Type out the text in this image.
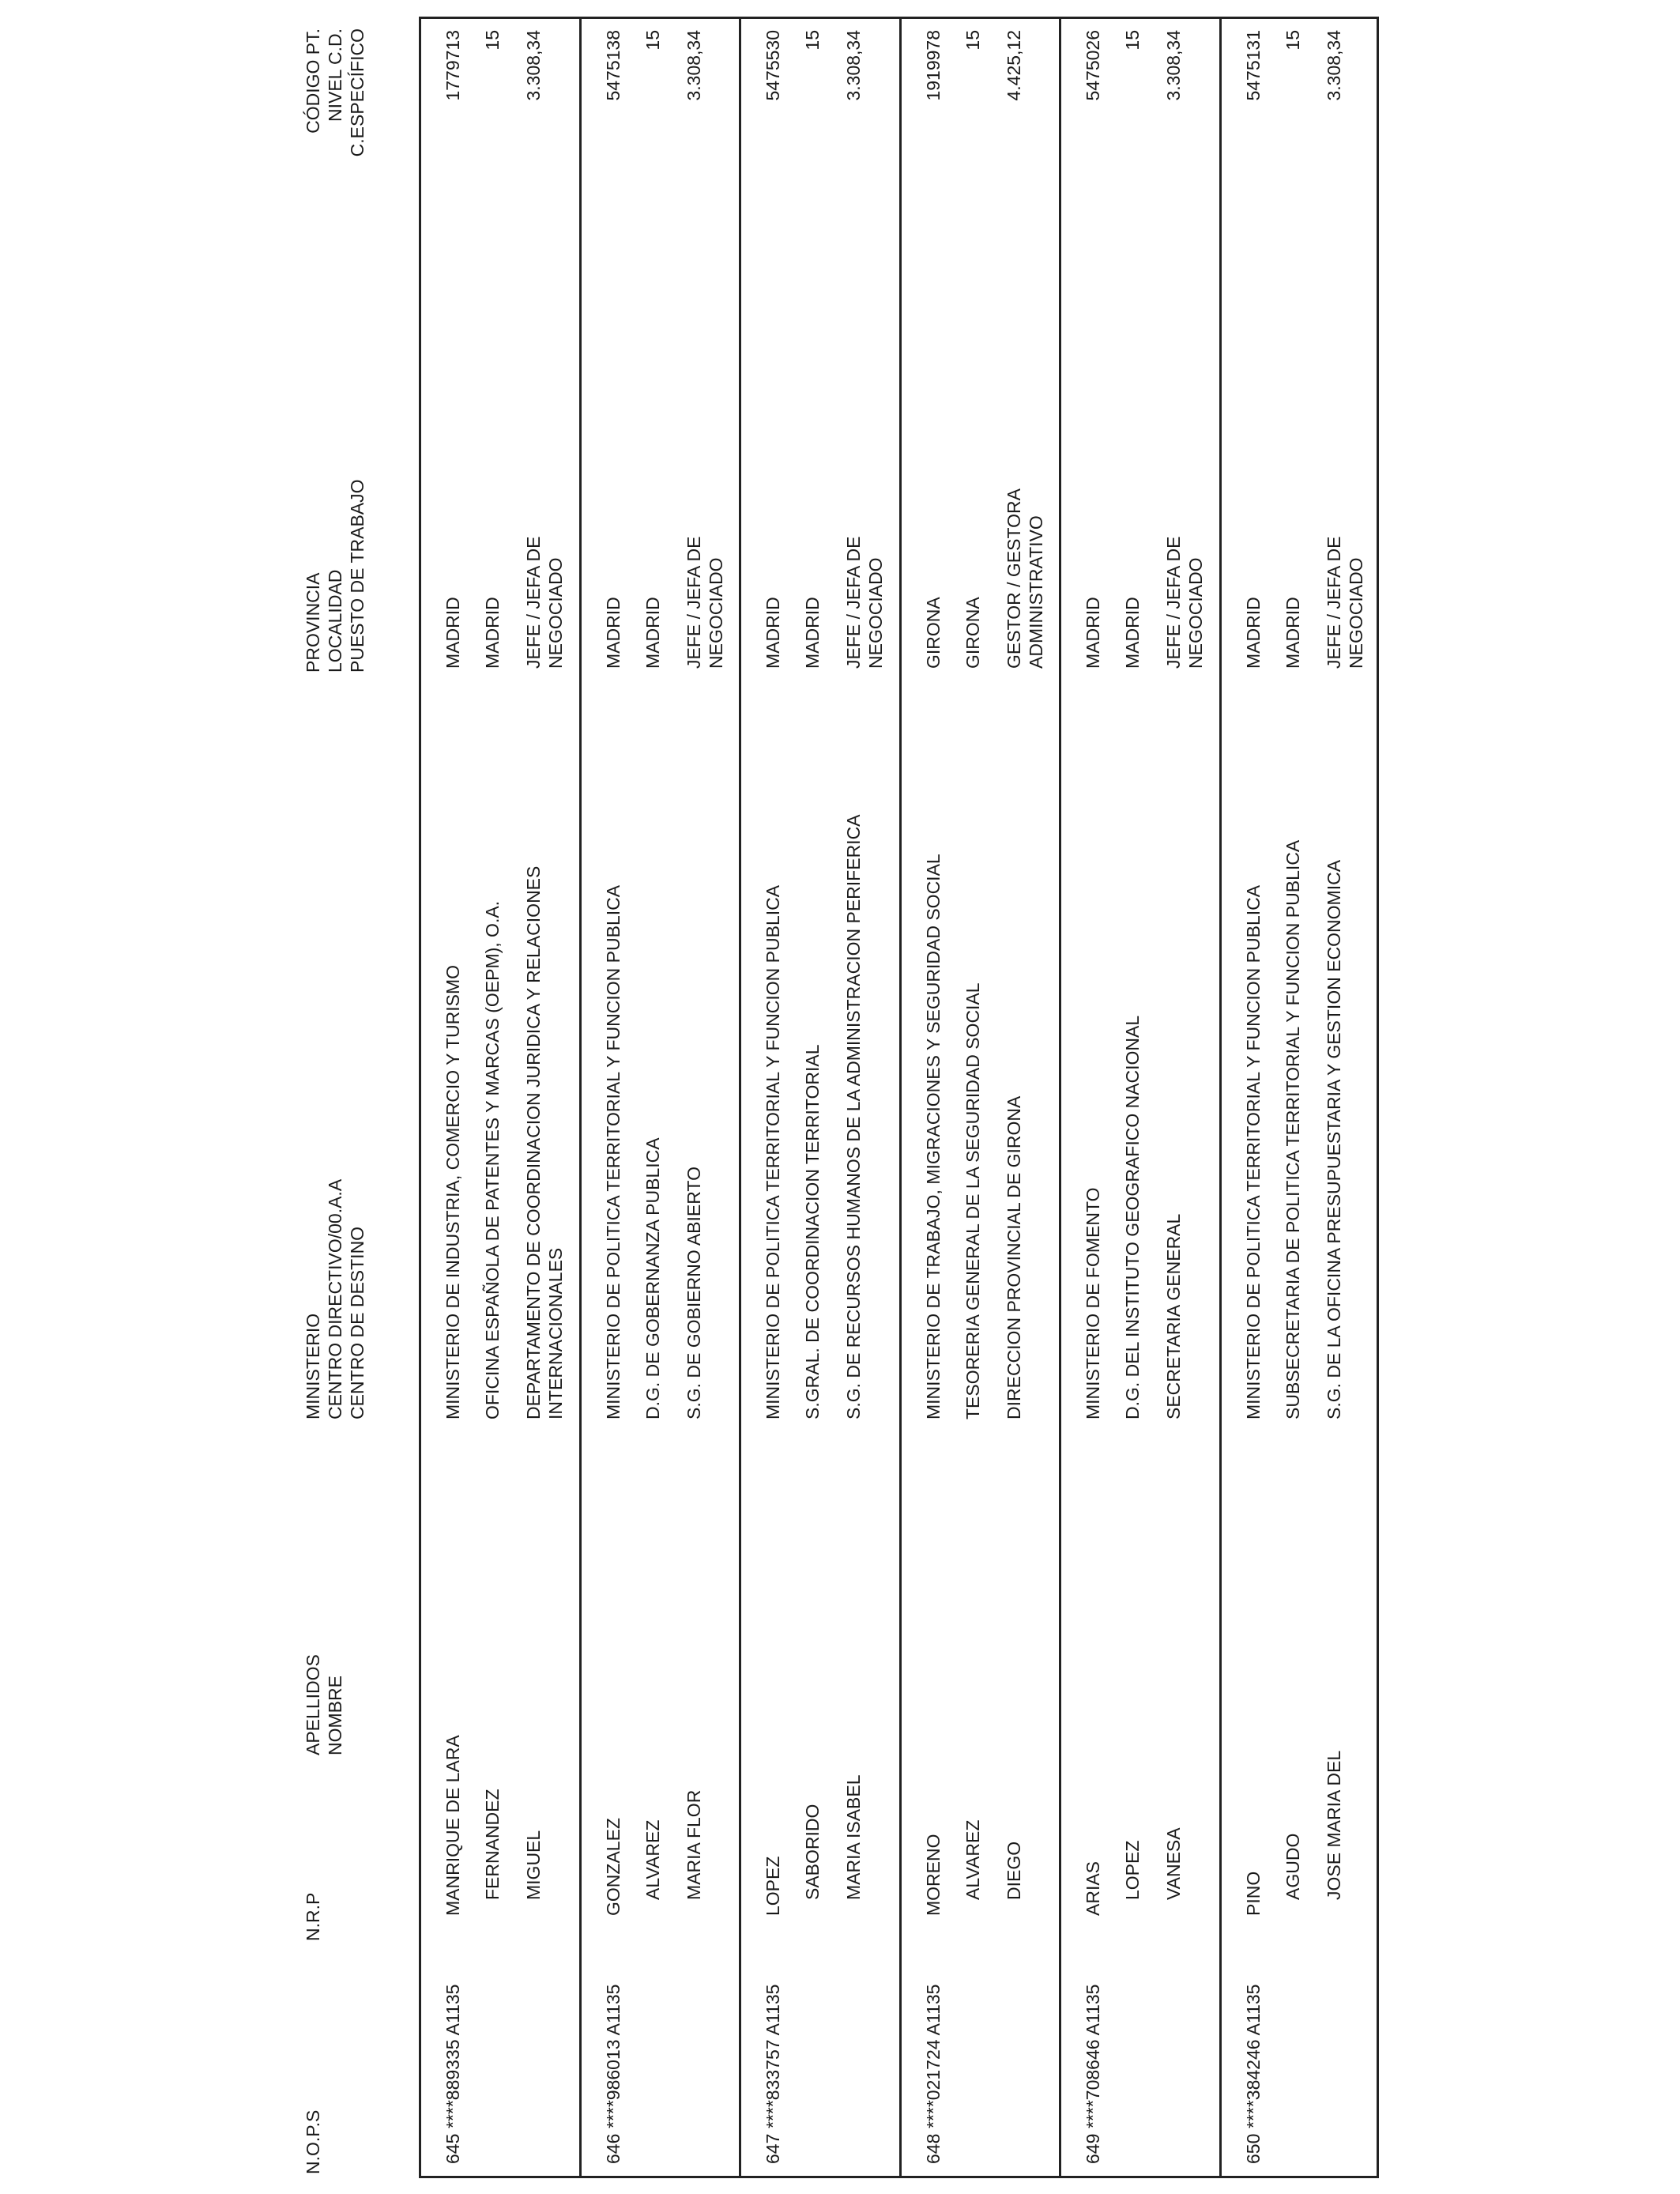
N.O.P.S
N.R.P
APELLIDOS NOMBRE
MINISTERIO CENTRO DIRECTIVO/00.A.A CENTRO DE DESTINO
PROVINCIA LOCALIDAD PUESTO DE TRABAJO
CÓDIGO PT. NIVEL C.D. C.ESPECÍFICO
645
****889335 A1135
MANRIQUE DE LARA FERNANDEZ MIGUEL
MINISTERIO DE INDUSTRIA, COMERCIO Y TURISMO OFICINA ESPAÑOLA DE PATENTES Y MARCAS (OEPM), O.A. DEPARTAMENTO DE COORDINACION JURIDICA Y RELACIONES INTERNACIONALES
MADRID MADRID JEFE / JEFA DE NEGOCIADO
1779713 15 3.308,34
646
****986013 A1135
GONZALEZ ALVAREZ MARIA FLOR
MINISTERIO DE POLITICA TERRITORIAL Y FUNCION PUBLICA D.G. DE GOBERNANZA PUBLICA S.G. DE GOBIERNO ABIERTO
MADRID MADRID JEFE / JEFA DE NEGOCIADO
5475138 15 3.308,34
647
****833757 A1135
LOPEZ SABORIDO MARIA ISABEL
MINISTERIO DE POLITICA TERRITORIAL Y FUNCION PUBLICA S.GRAL. DE COORDINACION TERRITORIAL S.G. DE RECURSOS HUMANOS DE LA ADMINISTRACION PERIFERICA
MADRID MADRID JEFE / JEFA DE NEGOCIADO
5475530 15 3.308,34
648
****021724 A1135
MORENO ALVAREZ DIEGO
MINISTERIO DE TRABAJO, MIGRACIONES Y SEGURIDAD SOCIAL TESORERIA GENERAL DE LA SEGURIDAD SOCIAL DIRECCION PROVINCIAL DE GIRONA
GIRONA GIRONA GESTOR / GESTORA ADMINISTRATIVO
1919978 15 4.425,12
649
****708646 A1135
ARIAS LOPEZ VANESA
MINISTERIO DE FOMENTO D.G. DEL INSTITUTO GEOGRAFICO NACIONAL SECRETARIA GENERAL
MADRID MADRID JEFE / JEFA DE NEGOCIADO
5475026 15 3.308,34
650
****384246 A1135
PINO AGUDO JOSE MARIA DEL
MINISTERIO DE POLITICA TERRITORIAL Y FUNCION PUBLICA SUBSECRETARIA DE POLITICA TERRITORIAL Y FUNCION PUBLICA S.G. DE LA OFICINA PRESUPUESTARIA Y GESTION ECONOMICA
MADRID MADRID JEFE / JEFA DE NEGOCIADO
5475131 15 3.308,34
